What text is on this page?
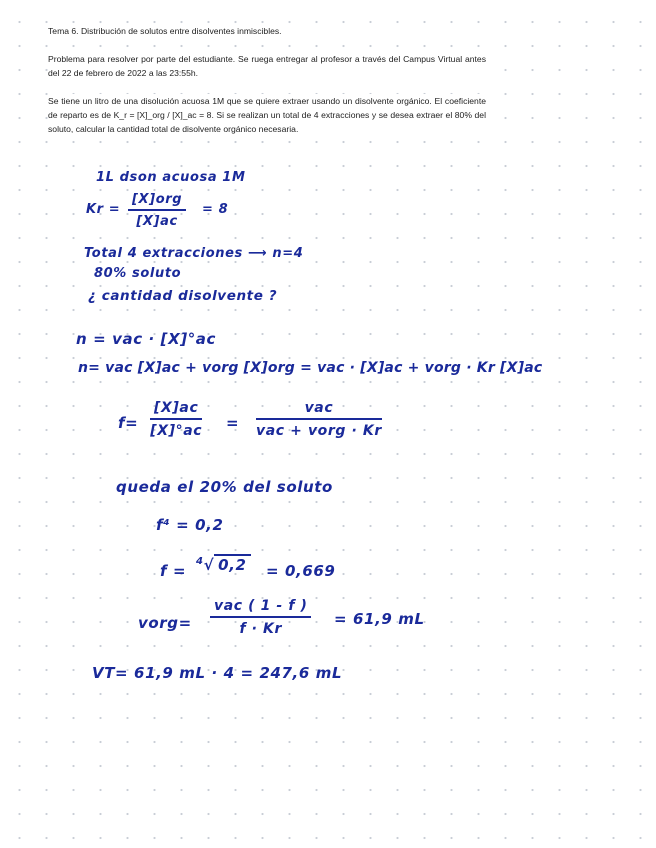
Tema 6. Distribución de solutos entre disolventes inmiscibles.

Problema para resolver por parte del estudiante. Se ruega entregar al profesor a través del Campus Virtual antes del 22 de febrero de 2022 a las 23:55h.

Se tiene un litro de una disolución acuosa 1M que se quiere extraer usando un disolvente orgánico. El coeficiente de reparto es de K_r = [X]_org / [X]_ac = 8. Si se realizan un total de 4 extracciones y se desea extraer el 80% del soluto, calcular la cantidad total de disolvente orgánico necesaria.

1L dson acuosa 1M
Kr =
[X]org
[X]ac
= 8
Total 4 extracciones ⟶ n=4
80% soluto
¿ cantidad disolvente ?
n = vac · [X]°ac
n= vac [X]ac + vorg [X]org = vac · [X]ac + vorg · Kr [X]ac
$f= \frac{[X]ac}{[X]^\circ ac}$ =
vac
vac + vorg · Kr
queda el 20% del soluto
f⁴ = 0,2
f =
$^4$√ 0,2 = 0,669
vorg=
vac ( 1 - f )
f · Kr
= 61,9 mL
VT= 61,9 mL · 4 = 247,6 mL
